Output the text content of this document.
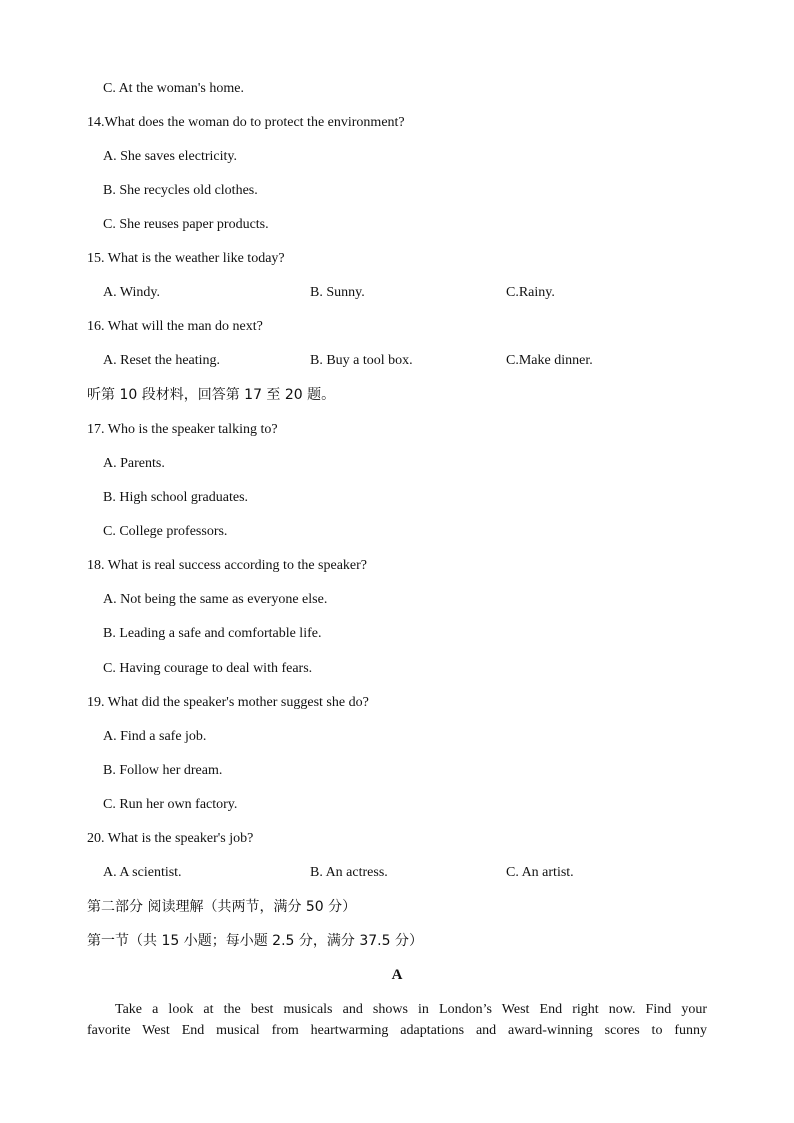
C. At the woman's home.
14.What does the woman do to protect the environment?
A. She saves electricity.
B. She recycles old clothes.
C. She reuses paper products.
15. What is the weather like today?
A. Windy.	B. Sunny.	C.Rainy.
16. What will the man do next?
A. Reset the heating.	B. Buy a tool box.	C.Make dinner.
听第 10 段材料，回答第 17 至 20 题。
17. Who is the speaker talking to?
A. Parents.
B. High school graduates.
C. College professors.
18. What is real success according to the speaker?
A. Not being the same as everyone else.
B. Leading a safe and comfortable life.
C. Having courage to deal with fears.
19. What did the speaker's mother suggest she do?
A. Find a safe job.
B. Follow her dream.
C. Run her own factory.
20. What is the speaker's job?
A. A scientist.	B. An actress.	C. An artist.
第二部分 阅读理解（共两节，满分 50 分）
第一节（共 15 小题；每小题 2.5 分，满分 37.5 分）
A
Take a look at the best musicals and shows in London’s West End right now. Find your
favorite West End musical from heartwarming adaptations and award-winning scores to funny
